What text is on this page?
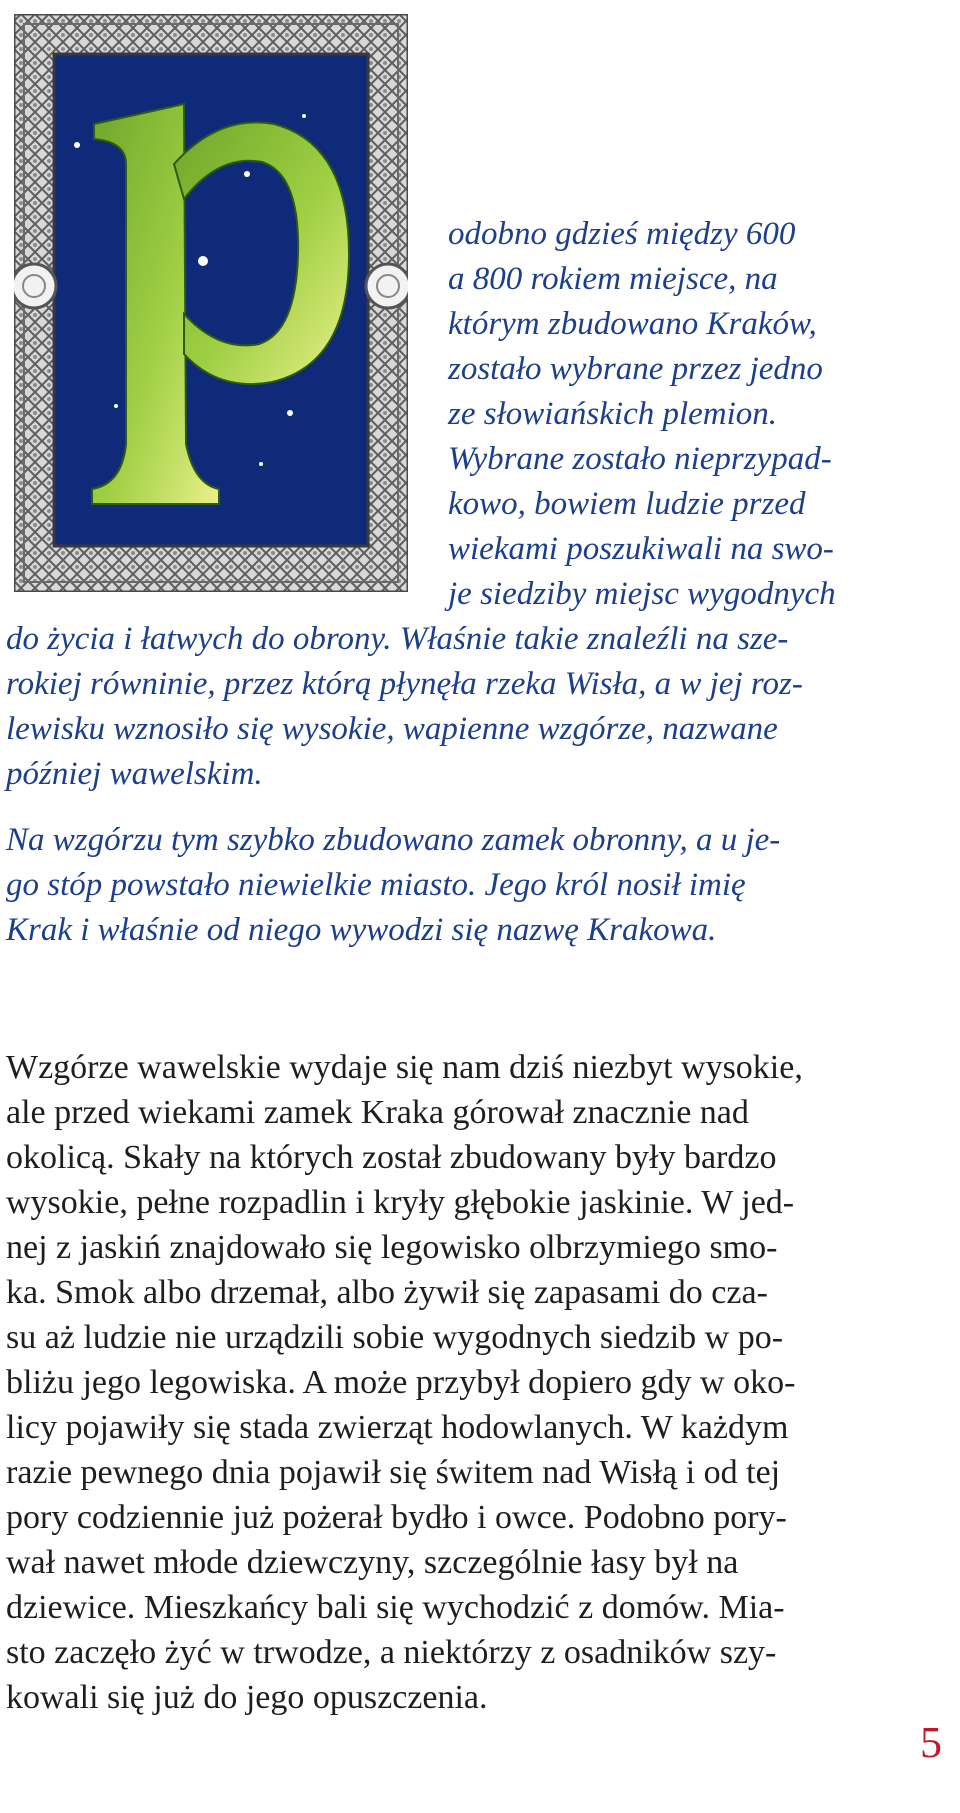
odobno gdzieś między 600
a 800 rokiem miejsce, na
którym zbudowano Kraków,
zostało wybrane przez jedno
ze słowiańskich plemion.
Wybrane zostało nieprzypad-
kowo, bowiem ludzie przed
wiekami poszukiwali na swo-
je siedziby miejsc wygodnych
do życia i łatwych do obrony. Właśnie takie znaleźli na sze-
rokiej równinie, przez którą płynęła rzeka Wisła, a w jej roz-
lewisku wznosiło się wysokie, wapienne wzgórze, nazwane
później wawelskim.
Na wzgórzu tym szybko zbudowano zamek obronny, a u je-
go stóp powstało niewielkie miasto. Jego król nosił imię
Krak i właśnie od niego wywodzi się nazwę Krakowa.
Wzgórze wawelskie wydaje się nam dziś niezbyt wysokie,
ale przed wiekami zamek Kraka górował znacznie nad
okolicą. Skały na których został zbudowany były bardzo
wysokie, pełne rozpadlin i kryły głębokie jaskinie. W jed-
nej z jaskiń znajdowało się legowisko olbrzymiego smo-
ka. Smok albo drzemał, albo żywił się zapasami do cza-
su aż ludzie nie urządzili sobie wygodnych siedzib w po-
bliżu jego legowiska. A może przybył dopiero gdy w oko-
licy pojawiły się stada zwierząt hodowlanych. W każdym
razie pewnego dnia pojawił się świtem nad Wisłą i od tej
pory codziennie już pożerał bydło i owce. Podobno pory-
wał nawet młode dziewczyny, szczególnie łasy był na
dziewice. Mieszkańcy bali się wychodzić z domów. Mia-
sto zaczęło żyć w trwodze, a niektórzy z osadników szy-
kowali się już do jego opuszczenia.
5
